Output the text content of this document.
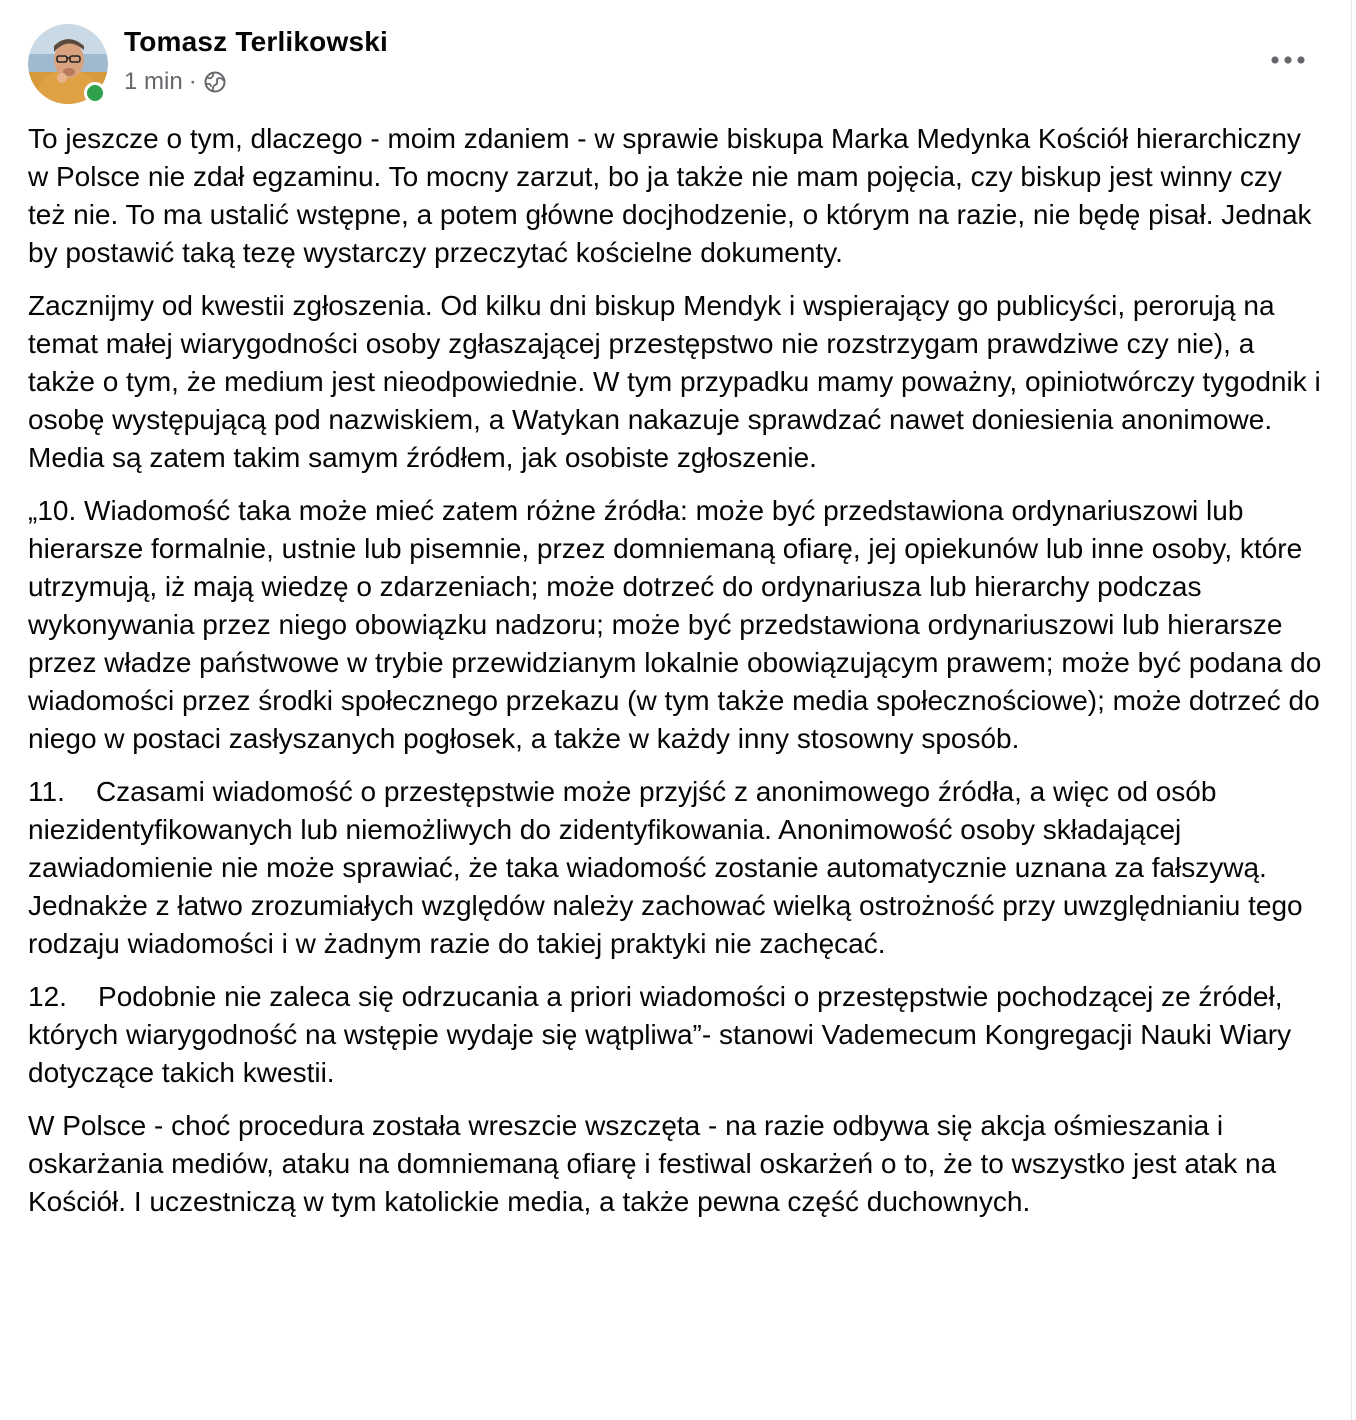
Tomasz Terlikowski
1 min ·

To jeszcze o tym, dlaczego - moim zdaniem - w sprawie biskupa Marka Medynka Kościół hierarchiczny w Polsce nie zdał egzaminu. To mocny zarzut, bo ja także nie mam pojęcia, czy biskup jest winny czy też nie. To ma ustalić wstępne, a potem główne docjhodzenie, o którym na razie, nie będę pisał. Jednak by postawić taką tezę wystarczy przeczytać kościelne dokumenty.

Zacznijmy od kwestii zgłoszenia. Od kilku dni biskup Mendyk i wspierający go publicyści, perorują na temat małej wiarygodności osoby zgłaszającej przestępstwo nie rozstrzygam prawdziwe czy nie), a także o tym, że medium jest nieodpowiednie. W tym przypadku mamy poważny, opiniotwórczy tygodnik i osobę występującą pod nazwiskiem, a Watykan nakazuje sprawdzać nawet doniesienia anonimowe. Media są zatem takim samym źródłem, jak osobiste zgłoszenie.

„10. Wiadomość taka może mieć zatem różne źródła: może być przedstawiona ordynariuszowi lub hierarsze formalnie, ustnie lub pisemnie, przez domniemaną ofiarę, jej opiekunów lub inne osoby, które utrzymują, iż mają wiedzę o zdarzeniach; może dotrzeć do ordynariusza lub hierarchy podczas wykonywania przez niego obowiązku nadzoru; może być przedstawiona ordynariuszowi lub hierarsze przez władze państwowe w trybie przewidzianym lokalnie obowiązującym prawem; może być podana do wiadomości przez środki społecznego przekazu (w tym także media społecznościowe); może dotrzeć do niego w postaci zasłyszanych pogłosek, a także w każdy inny stosowny sposób.

11.    Czasami wiadomość o przestępstwie może przyjść z anonimowego źródła, a więc od osób niezidentyfikowanych lub niemożliwych do zidentyfikowania. Anonimowość osoby składającej zawiadomienie nie może sprawiać, że taka wiadomość zostanie automatycznie uznana za fałszywą. Jednakże z łatwo zrozumiałych względów należy zachować wielką ostrożność przy uwzględnianiu tego rodzaju wiadomości i w żadnym razie do takiej praktyki nie zachęcać.

12.    Podobnie nie zaleca się odrzucania a priori wiadomości o przestępstwie pochodzącej ze źródeł, których wiarygodność na wstępie wydaje się wątpliwa”- stanowi Vademecum Kongregacji Nauki Wiary dotyczące takich kwestii.

W Polsce - choć procedura została wreszcie wszczęta - na razie odbywa się akcja ośmieszania i oskarżania mediów, ataku na domniemaną ofiarę i festiwal oskarżeń o to, że to wszystko jest atak na Kościół. I uczestniczą w tym katolickie media, a także pewna część duchownych.
